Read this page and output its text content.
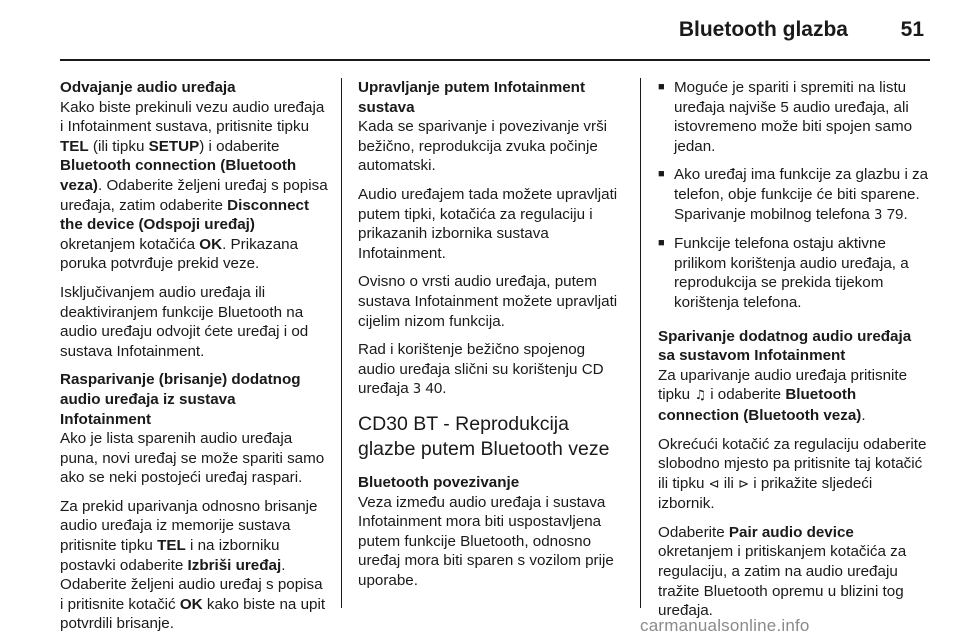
Bluetooth glazba	51
Odvajanje audio uređaja

Kako biste prekinuli vezu audio uređaja i Infotainment sustava, pritisnite tipku TEL (ili tipku SETUP) i odaberite Bluetooth connection (Bluetooth veza). Odaberite željeni uređaj s popisa uređaja, zatim odaberite Disconnect the device (Odspoji uređaj) okretanjem kotačića OK. Prikazana poruka potvrđuje prekid veze.

Isključivanjem audio uređaja ili deaktiviranjem funkcije Bluetooth na audio uređaju odvojit ćete uređaj i od sustava Infotainment.

Rasparivanje (brisanje) dodatnog audio uređaja iz sustava Infotainment

Ako je lista sparenih audio uređaja puna, novi uređaj se može spariti samo ako se neki postojeći uređaj raspari.

Za prekid uparivanja odnosno brisanje audio uređaja iz memorije sustava pritisnite tipku TEL i na izborniku postavki odaberite Izbriši uređaj. Odaberite željeni audio uređaj s popisa i pritisnite kotačić OK kako biste na upit potvrdili brisanje.

Upravljanje putem Infotainment sustava

Kada se sparivanje i povezivanje vrši bežično, reprodukcija zvuka počinje automatski.

Audio uređajem tada možete upravljati putem tipki, kotačića za regulaciju i prikazanih izbornika sustava Infotainment.

Ovisno o vrsti audio uređaja, putem sustava Infotainment možete upravljati cijelim nizom funkcija.

Rad i korištenje bežično spojenog audio uređaja slični su korištenju CD uređaja 3 40.

CD30 BT - Reprodukcija glazbe putem Bluetooth veze
Bluetooth povezivanje

Veza između audio uređaja i sustava Infotainment mora biti uspostavljena putem funkcije Bluetooth, odnosno uređaj mora biti sparen s vozilom prije uporabe.

■ Moguće je spariti i spremiti na listu uređaja najviše 5 audio uređaja, ali istovremeno može biti spojen samo jedan.
■ Ako uređaj ima funkcije za glazbu i za telefon, obje funkcije će biti sparene. Sparivanje mobilnog telefona 3 79.
■ Funkcije telefona ostaju aktivne prilikom korištenja audio uređaja, a reprodukcija se prekida tijekom korištenja telefona.
Sparivanje dodatnog audio uređaja sa sustavom Infotainment

Za uparivanje audio uređaja pritisnite tipku ♫ i odaberite Bluetooth connection (Bluetooth veza).

Okrećući kotačić za regulaciju odaberite slobodno mjesto pa pritisnite taj kotačić ili tipku ⊲ ili ⊳ i prikažite sljedeći izbornik.

Odaberite Pair audio device okretanjem i pritiskanjem kotačića za regulaciju, a zatim na audio uređaju tražite Bluetooth opremu u blizini tog uređaja.

carmanualsonline.info
